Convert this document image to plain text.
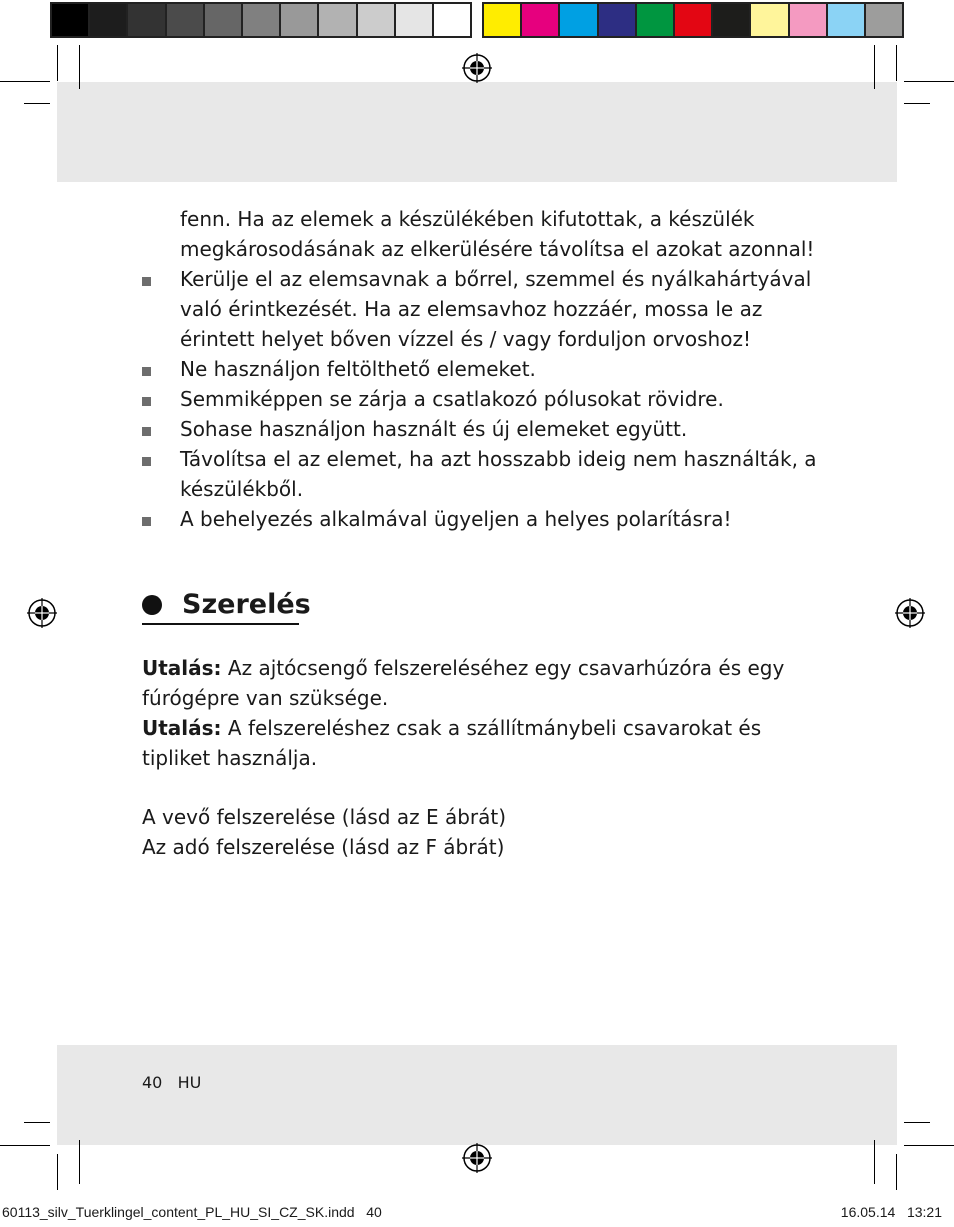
fenn. Ha az elemek a készülékében kifutottak, a készülék megkárosodásának az elkerülésére távolítsa el azokat azonnal!
Kerülje el az elemsavnak a bőrrel, szemmel és nyálkahártyával való érintkezését. Ha az elemsavhoz hozzáér, mossa le az érintett helyet bőven vízzel és / vagy forduljon orvoshoz!
Ne használjon feltölthető elemeket.
Semmiképpen se zárja a csatlakozó pólusokat rövidre.
Sohase használjon használt és új elemeket együtt.
Távolítsa el az elemet, ha azt hosszabb ideig nem használták, a készülékből.
A behelyezés alkalmával ügyeljen a helyes polarításra!
Szerelés
Utalás: Az ajtócsengő felszereléséhez egy csavarhúzóra és egy fúrógépre van szüksége.
Utalás: A felszereléshez csak a szállítmánybeli csavarokat és tipliket használja.
A vevő felszerelése (lásd az E ábrát)
Az adó felszerelése (lásd az F ábrát)
40 HU
60113_silv_Tuerklingel_content_PL_HU_SI_CZ_SK.indd   40	16.05.14   13:21
